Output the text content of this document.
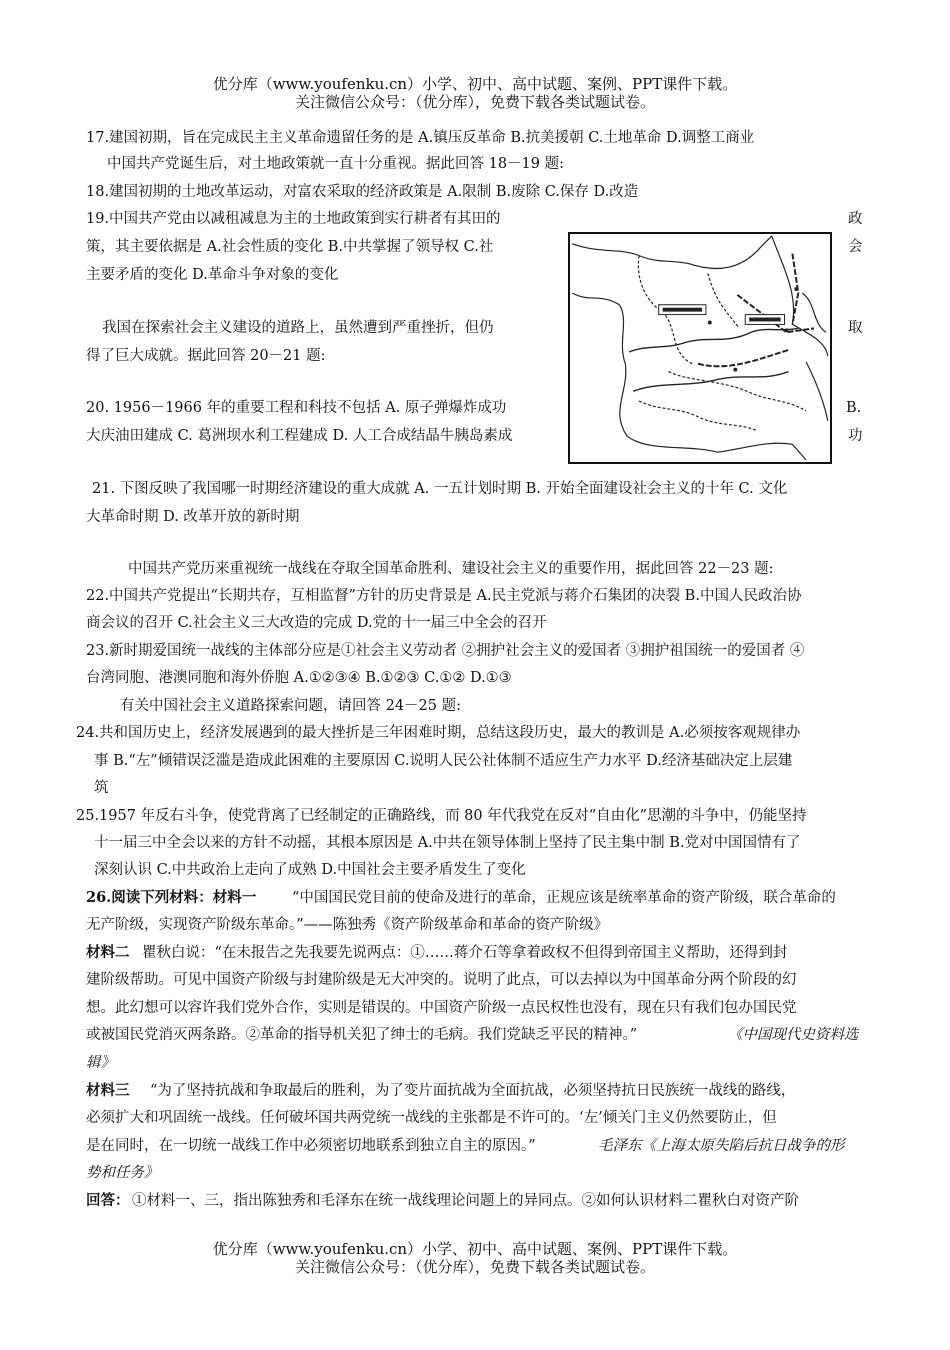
优分库（www.youfenku.cn）小学、初中、高中试题、案例、PPT课件下载。
关注微信公众号：（优分库），免费下载各类试题试卷。
17.建国初期，旨在完成民主主义革命遗留任务的是 A.镇压反革命 B.抗美援朝 C.土地革命 D.调整工商业
中国共产党诞生后，对土地政策就一直十分重视。据此回答 18－19 题:
18.建国初期的土地改革运动，对富农采取的经济政策是 A.限制 B.废除 C.保存 D.改造
19.中国共产党由以减租减息为主的土地政策到实行耕者有其田的	政
策，其主要依据是 A.社会性质的变化 B.中共掌握了领导权 C.社	会
主要矛盾的变化 D.革命斗争对象的变化
我国在探索社会主义建设的道路上，虽然遭到严重挫折，但仍	取
得了巨大成就。据此回答 20－21 题:
20. 1956－1966 年的重要工程和科技不包括 A. 原子弹爆炸成功	B.
大庆油田建成 C. 葛洲坝水利工程建成 D. 人工合成结晶牛胰岛素成	功
21. 下图反映了我国哪一时期经济建设的重大成就 A. 一五计划时期 B. 开始全面建设社会主义的十年 C. 文化
大革命时期 D. 改革开放的新时期
中国共产党历来重视统一战线在夺取全国革命胜利、建设社会主义的重要作用，据此回答 22－23 题:
22.中国共产党提出“长期共存，互相监督”方针的历史背景是 A.民主党派与蒋介石集团的决裂 B.中国人民政治协
商会议的召开 C.社会主义三大改造的完成 D.党的十一届三中全会的召开
23.新时期爱国统一战线的主体部分应是①社会主义劳动者 ②拥护社会主义的爱国者 ③拥护祖国统一的爱国者 ④
台湾同胞、港澳同胞和海外侨胞 A.①②③④ B.①②③ C.①② D.①③
有关中国社会主义道路探索问题，请回答 24－25 题:
24.共和国历史上，经济发展遇到的最大挫折是三年困难时期，总结这段历史，最大的教训是 A.必须按客观规律办
事 B.“左”倾错误泛滥是造成此困难的主要原因 C.说明人民公社体制不适应生产力水平 D.经济基础决定上层建
筑
25.1957 年反右斗争，使党背离了已经制定的正确路线，而 80 年代我党在反对“自由化”思潮的斗争中，仍能坚持
十一届三中全会以来的方针不动摇，其根本原因是 A.中共在领导体制上坚持了民主集中制 B.党对中国国情有了
深刻认识 C.中共政治上走向了成熟 D.中国社会主要矛盾发生了变化
26.阅读下列材料：材料一 “中国国民党目前的使命及进行的革命，正规应该是统率革命的资产阶级，联合革命的
无产阶级，实现资产阶级东革命。”——陈独秀《资产阶级革命和革命的资产阶级》
材料二 瞿秋白说：“在未报告之先我要先说两点：①……蒋介石等拿着政权不但得到帝国主义帮助，还得到封
建阶级帮助。可见中国资产阶级与封建阶级是无大冲突的。说明了此点，可以去掉以为中国革命分两个阶段的幻
想。此幻想可以容许我们党外合作，实则是错误的。中国资产阶级一点民权性也没有，现在只有我们包办国民党
或被国民党消灭两条路。②革命的指导机关犯了绅士的毛病。我们党缺乏平民的精神。”	《中国现代史资料选
辑》
材料三 “为了坚持抗战和争取最后的胜利，为了变片面抗战为全面抗战，必须坚持抗日民族统一战线的路线，
必须扩大和巩固统一战线。任何破坏国共两党统一战线的主张都是不许可的。‘左’倾关门主义仍然要防止，但
是在同时，在一切统一战线工作中必须密切地联系到独立自主的原因。”	毛泽东《上海太原失陷后抗日战争的形
势和任务》
回答： ①材料一、三，指出陈独秀和毛泽东在统一战线理论问题上的异同点。②如何认识材料二瞿秋白对资产阶
优分库（www.youfenku.cn）小学、初中、高中试题、案例、PPT课件下载。
关注微信公众号：（优分库），免费下载各类试题试卷。
